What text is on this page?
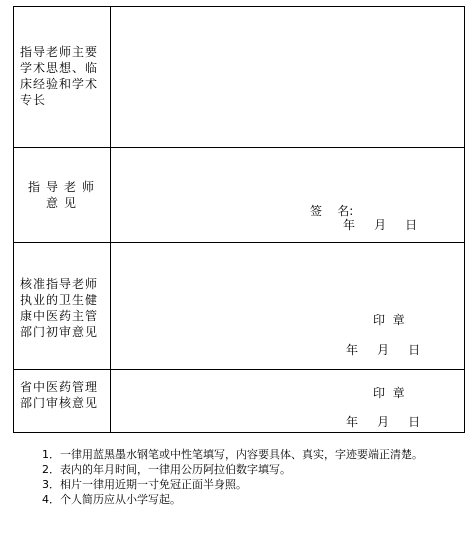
指导老师主要学术思想、临床经验和学术专长
指导老师意见
签    名:
年     月     日
核准指导老师执业的卫生健康中医药主管部门初审意见
印  章
年     月     日
省中医药管理部门审核意见
印  章
年     月     日
1．一律用蓝黑墨水钢笔或中性笔填写，内容要具体、真实，字迹要端正清楚。
2．表内的年月时间，一律用公历阿拉伯数字填写。
3．相片一律用近期一寸免冠正面半身照。
4．个人简历应从小学写起。
